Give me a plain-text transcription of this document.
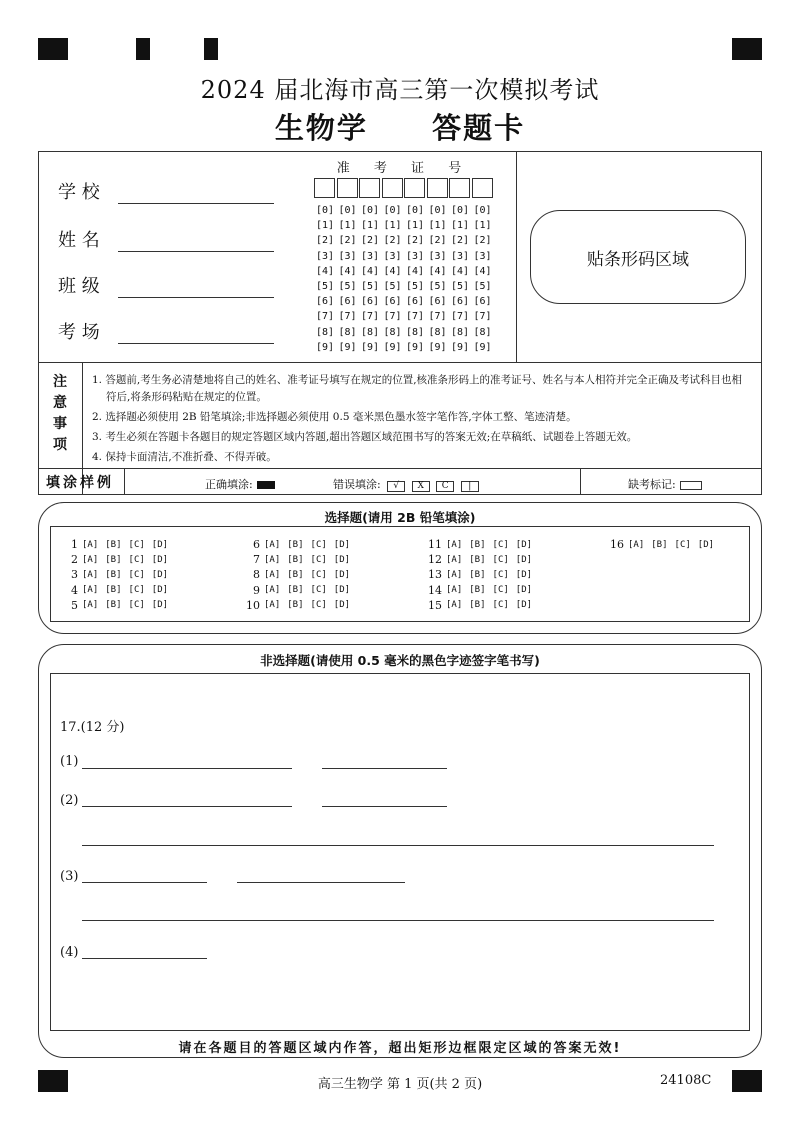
2024 届北海市高三第一次模拟考试
生物学 答题卡
学 校
姓 名
班 级
考 场
准 考 证 号
[0] [0] [0] [0] [0] [0] [0] [0]
[1] [1] [1] [1] [1] [1] [1] [1]
[2] [2] [2] [2] [2] [2] [2] [2]
[3] [3] [3] [3] [3] [3] [3] [3]
[4] [4] [4] [4] [4] [4] [4] [4]
[5] [5] [5] [5] [5] [5] [5] [5]
[6] [6] [6] [6] [6] [6] [6] [6]
[7] [7] [7] [7] [7] [7] [7] [7]
[8] [8] [8] [8] [8] [8] [8] [8]
[9] [9] [9] [9] [9] [9] [9] [9]
贴条形码区域
注
意
事
项
1. 答题前,考生务必清楚地将自己的姓名、准考证号填写在规定的位置,核准条形码上的准考证号、姓名与本人相符并完全正确及考试科目也相
符后,将条形码粘贴在规定的位置。
2. 选择题必须使用 2B 铅笔填涂;非选择题必须使用 0.5 毫米黑色墨水签字笔作答,字体工整、笔迹清楚。
3. 考生必须在答题卡各题目的规定答题区域内答题,超出答题区域范围书写的答案无效;在草稿纸、试题卷上答题无效。
4. 保持卡面清洁,不准折叠、不得弄破。
填涂样例	正确填涂:	错误填涂: √ X C |	缺考标记:
选择题(请用 2B 铅笔填涂)
1 [A] [B] [C] [D]
2 [A] [B] [C] [D]
3 [A] [B] [C] [D]
4 [A] [B] [C] [D]
5 [A] [B] [C] [D]
6 [A] [B] [C] [D]
7 [A] [B] [C] [D]
8 [A] [B] [C] [D]
9 [A] [B] [C] [D]
10 [A] [B] [C] [D]
11 [A] [B] [C] [D]
12 [A] [B] [C] [D]
13 [A] [B] [C] [D]
14 [A] [B] [C] [D]
15 [A] [B] [C] [D]
16 [A] [B] [C] [D]
非选择题(请使用 0.5 毫米的黑色字迹签字笔书写)
17.(12 分)
(1)
(2)
(3)
(4)
请在各题目的答题区域内作答，超出矩形边框限定区域的答案无效!
高三生物学 第 1 页(共 2 页)	24108C
